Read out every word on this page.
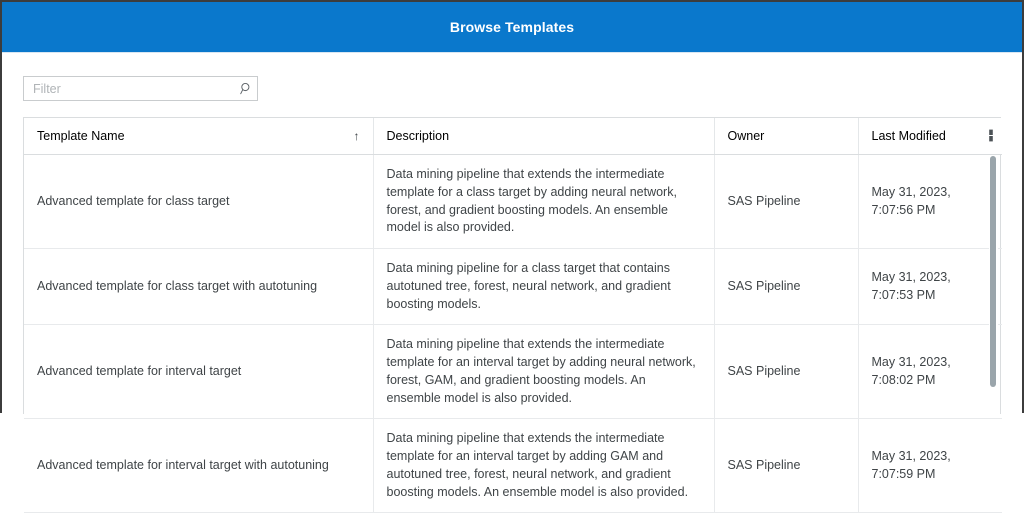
Browse Templates
Filter
Template Name ↑	Description	Owner	Last Modified

Advanced template for class target	Data mining pipeline that extends the intermediate template for a class target by adding neural network, forest, and gradient boosting models. An ensemble model is also provided.	SAS Pipeline	May 31, 2023, 7:07:56 PM
Advanced template for class target with autotuning	Data mining pipeline for a class target that contains autotuned tree, forest, neural network, and gradient boosting models.	SAS Pipeline	May 31, 2023, 7:07:53 PM
Advanced template for interval target	Data mining pipeline that extends the intermediate template for an interval target by adding neural network, forest, GAM, and gradient boosting models. An ensemble model is also provided.	SAS Pipeline	May 31, 2023, 7:08:02 PM
Advanced template for interval target with autotuning	Data mining pipeline that extends the intermediate template for an interval target by adding GAM and autotuned tree, forest, neural network, and gradient boosting models. An ensemble model is also provided.	SAS Pipeline	May 31, 2023, 7:07:59 PM
